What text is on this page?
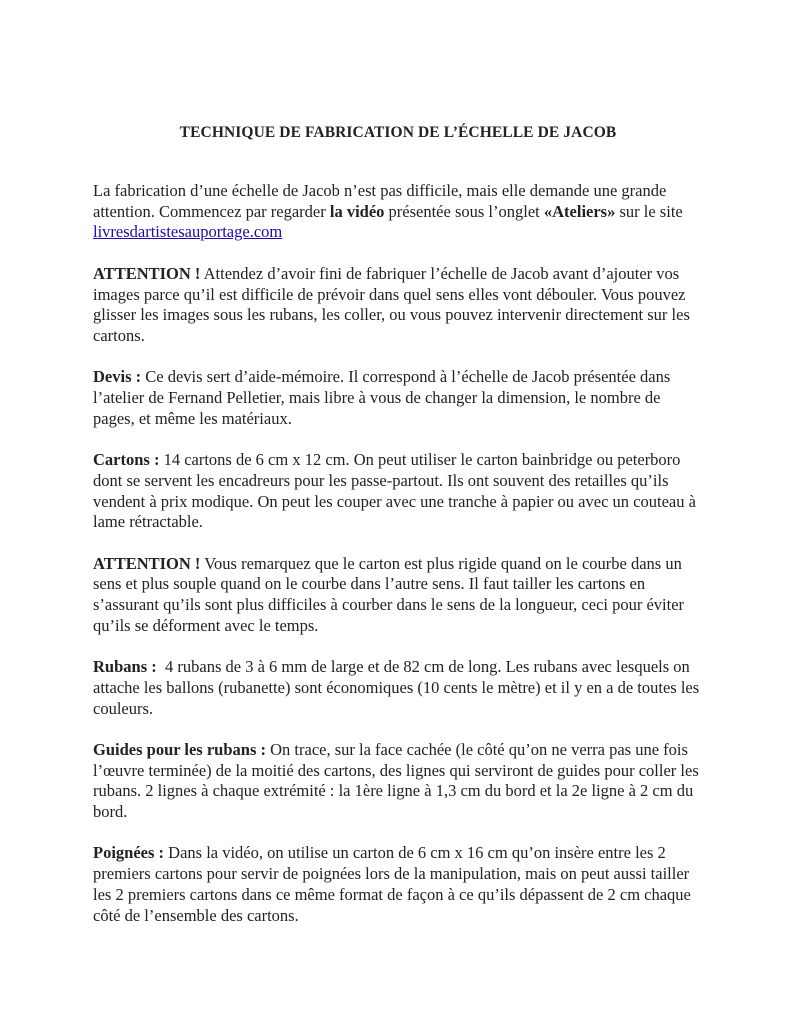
TECHNIQUE DE FABRICATION DE L’ÉCHELLE DE JACOB

La fabrication d’une échelle de Jacob n’est pas difficile, mais elle demande une grande attention. Commencez par regarder la vidéo présentée sous l’onglet «Ateliers» sur le site livresdartistesauportage.com

ATTENTION ! Attendez d’avoir fini de fabriquer l’échelle de Jacob avant d’ajouter vos images parce qu’il est difficile de prévoir dans quel sens elles vont débouler. Vous pouvez glisser les images sous les rubans, les coller, ou vous pouvez intervenir directement sur les cartons.

Devis : Ce devis sert d’aide-mémoire. Il correspond à l’échelle de Jacob présentée dans l’atelier de Fernand Pelletier, mais libre à vous de changer la dimension, le nombre de pages, et même les matériaux.

Cartons : 14 cartons de 6 cm x 12 cm. On peut utiliser le carton bainbridge ou peterboro dont se servent les encadreurs pour les passe-partout. Ils ont souvent des retailles qu’ils vendent à prix modique. On peut les couper avec une tranche à papier ou avec un couteau à lame rétractable.

ATTENTION ! Vous remarquez que le carton est plus rigide quand on le courbe dans un sens et plus souple quand on le courbe dans l’autre sens. Il faut tailler les cartons en s’assurant qu’ils sont plus difficiles à courber dans le sens de la longueur, ceci pour éviter qu’ils se déforment avec le temps.

Rubans :  4 rubans de 3 à 6 mm de large et de 82 cm de long. Les rubans avec lesquels on attache les ballons (rubanette) sont économiques (10 cents le mètre) et il y en a de toutes les couleurs.

Guides pour les rubans : On trace, sur la face cachée (le côté qu’on ne verra pas une fois l’œuvre terminée) de la moitié des cartons, des lignes qui serviront de guides pour coller les rubans. 2 lignes à chaque extrémité : la 1ère ligne à 1,3 cm du bord et la 2e ligne à 2 cm du bord.

Poignées : Dans la vidéo, on utilise un carton de 6 cm x 16 cm qu’on insère entre les 2 premiers cartons pour servir de poignées lors de la manipulation, mais on peut aussi tailler les 2 premiers cartons dans ce même format de façon à ce qu’ils dépassent de 2 cm chaque côté de l’ensemble des cartons.
